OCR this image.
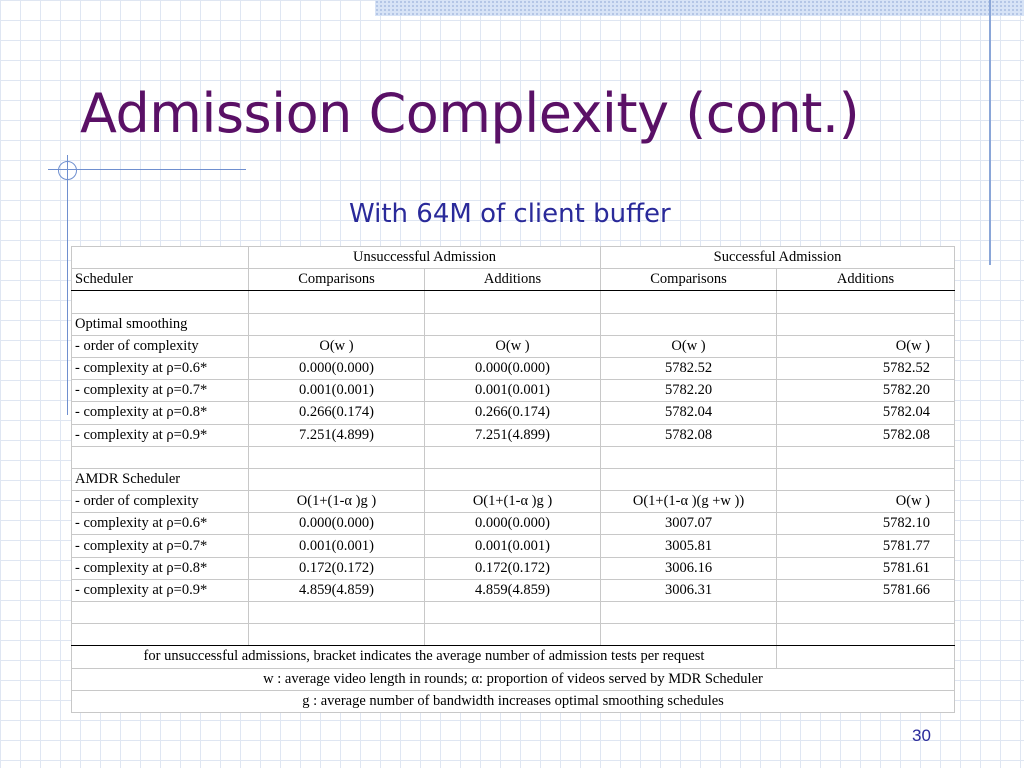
Admission Complexity (cont.)
With 64M of client buffer
	Unsuccessful Admission		Successful Admission	
Scheduler	Comparisons	Additions	Comparisons	Additions

Optimal smoothing				
- order of complexity	O(w )	O(w )	O(w )	O(w )
- complexity at ρ=0.6*	0.000(0.000)	0.000(0.000)	5782.52	5782.52
- complexity at ρ=0.7*	0.001(0.001)	0.001(0.001)	5782.20	5782.20
- complexity at ρ=0.8*	0.266(0.174)	0.266(0.174)	5782.04	5782.04
- complexity at ρ=0.9*	7.251(4.899)	7.251(4.899)	5782.08	5782.08

AMDR Scheduler				
- order of complexity	O(1+(1-α )g )	O(1+(1-α )g )	O(1+(1-α )(g +w ))	O(w )
- complexity at ρ=0.6*	0.000(0.000)	0.000(0.000)	3007.07	5782.10
- complexity at ρ=0.7*	0.001(0.001)	0.001(0.001)	3005.81	5781.77
- complexity at ρ=0.8*	0.172(0.172)	0.172(0.172)	3006.16	5781.61
- complexity at ρ=0.9*	4.859(4.859)	4.859(4.859)	3006.31	5781.66

for unsuccessful admissions, bracket indicates the average number of admission tests per request				
w : average video length in rounds; α: proportion of videos served by MDR Scheduler				
g : average number of bandwidth increases optimal smoothing schedules				
30
